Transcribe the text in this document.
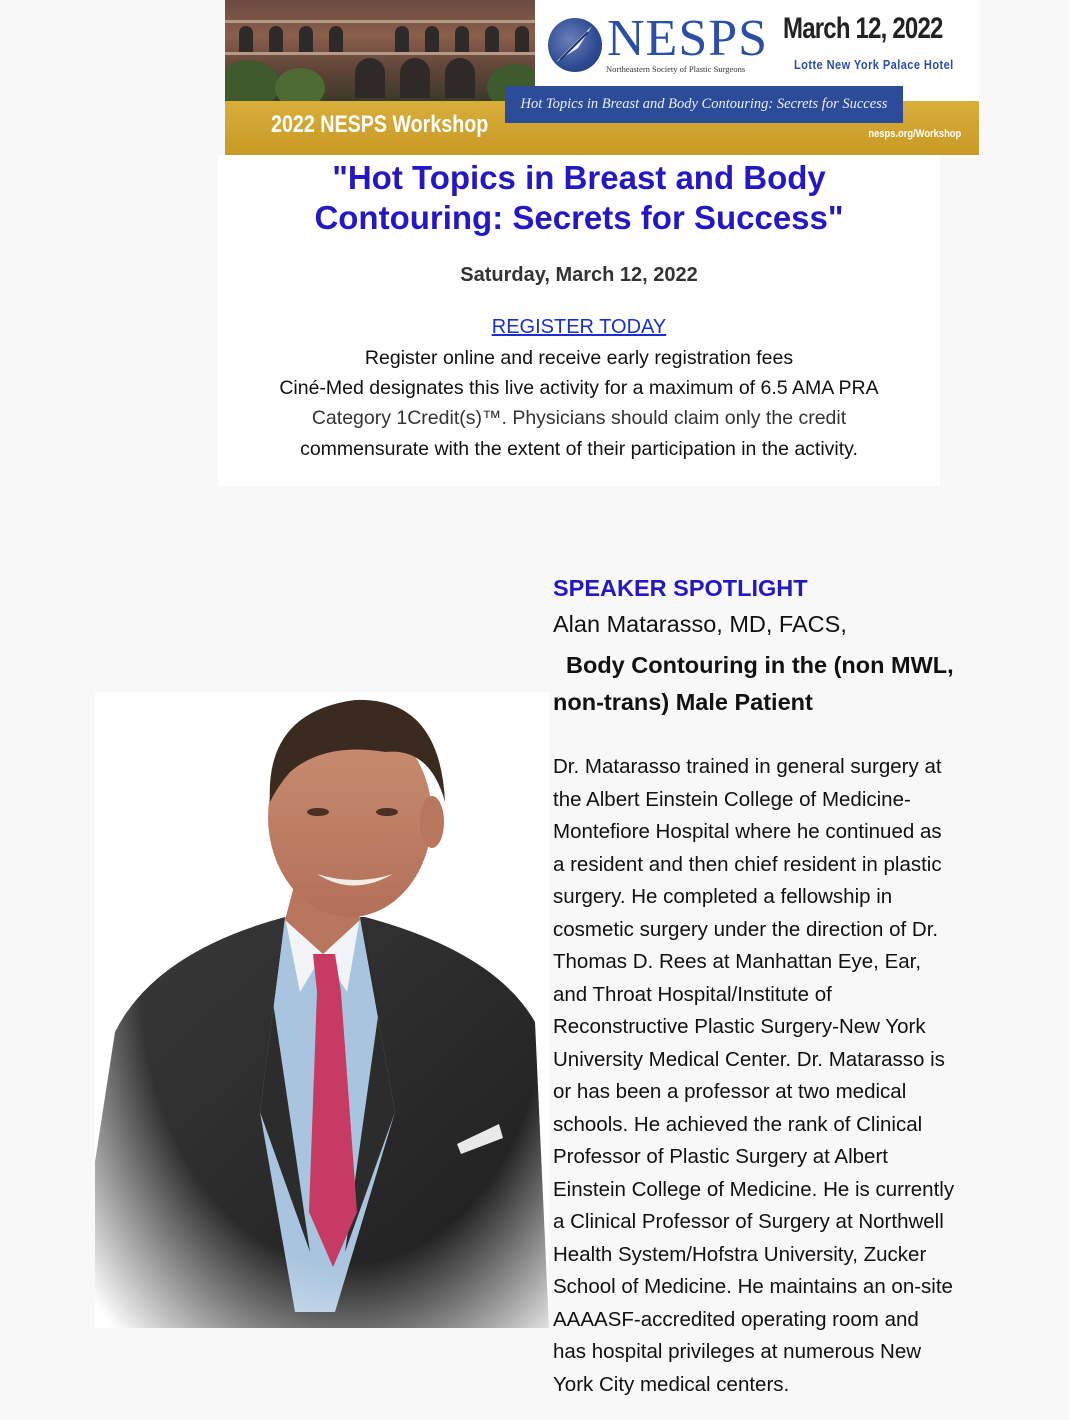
NESPS
Northeastern Society of Plastic Surgeons
March 12, 2022
Lotte New York Palace Hotel
Hot Topics in Breast and Body Contouring: Secrets for Success
2022 NESPS Workshop	nesps.org/Workshop
"Hot Topics in Breast and Body
Contouring: Secrets for Success"
Saturday, March 12, 2022
REGISTER TODAY
Register online and receive early registration fees
Ciné-Med designates this live activity for a maximum of 6.5 AMA PRA
Category 1Credit(s)™. Physicians should claim only the credit
commensurate with the extent of their participation in the activity.
SPEAKER SPOTLIGHT
Alan Matarasso, MD, FACS,
Body Contouring in the (non MWL,
non-trans) Male Patient
Dr. Matarasso trained in general surgery at
the Albert Einstein College of Medicine-
Montefiore Hospital where he continued as
a resident and then chief resident in plastic
surgery. He completed a fellowship in
cosmetic surgery under the direction of Dr.
Thomas D. Rees at Manhattan Eye, Ear,
and Throat Hospital/Institute of
Reconstructive Plastic Surgery-New York
University Medical Center. Dr. Matarasso is
or has been a professor at two medical
schools. He achieved the rank of Clinical
Professor of Plastic Surgery at Albert
Einstein College of Medicine. He is currently
a Clinical Professor of Surgery at Northwell
Health System/Hofstra University, Zucker
School of Medicine. He maintains an on-site
AAAASF-accredited operating room and
has hospital privileges at numerous New
York City medical centers.
